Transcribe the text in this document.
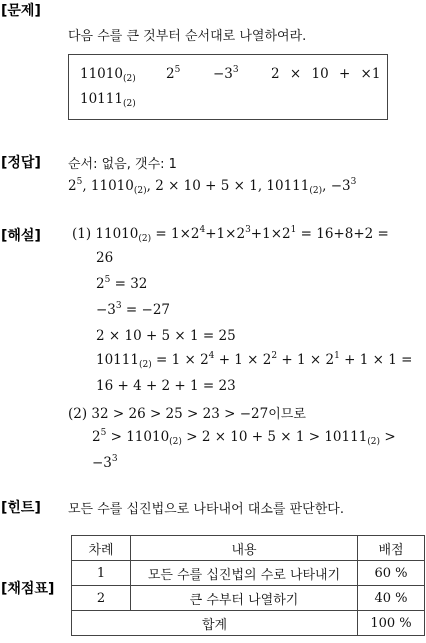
[문제]
다음 수를 큰 것부터 순서대로 나열하여라.
$11010_{(2)}$ $2^5 -3^3$ 2 × 10 + ×1
$10111_{(2)}$
[정답] 순서: 없음, 갯수: 1
$2^5$, $11010_{(2)}$, 2 × 10 + 5 × 1, $10111_{(2)}$, $-3^3$
[해설] (1) $11010_{(2)} = 1\times 2^4+1\times 2^3+1\times 2^1 = 16+8+2$ =
26
$2^5 = 32$
$-3^3 = -27$
2 × 10 + 5 × 1 = 25
$10111_{(2)} = 1 \times 2^4 + 1 \times 2^2 + 1 \times 2^1 + 1 \times 1$ =
16 + 4 + 2 + 1 = 23
(2) 32 > 26 > 25 > 23 > −27이므로
$2^5 > 11010_{(2)} > 2 \times 10 + 5 \times 1 > 10111_{(2)}$ >
$-3^3$
[힌트] 모든 수를 십진법으로 나타내어 대소를 판단한다.
[채점표]
차례	내용	배점
1	모든 수를 십진법의 수로 나타내기	60 %
2	큰 수부터 나열하기	40 %
합계		100 %
